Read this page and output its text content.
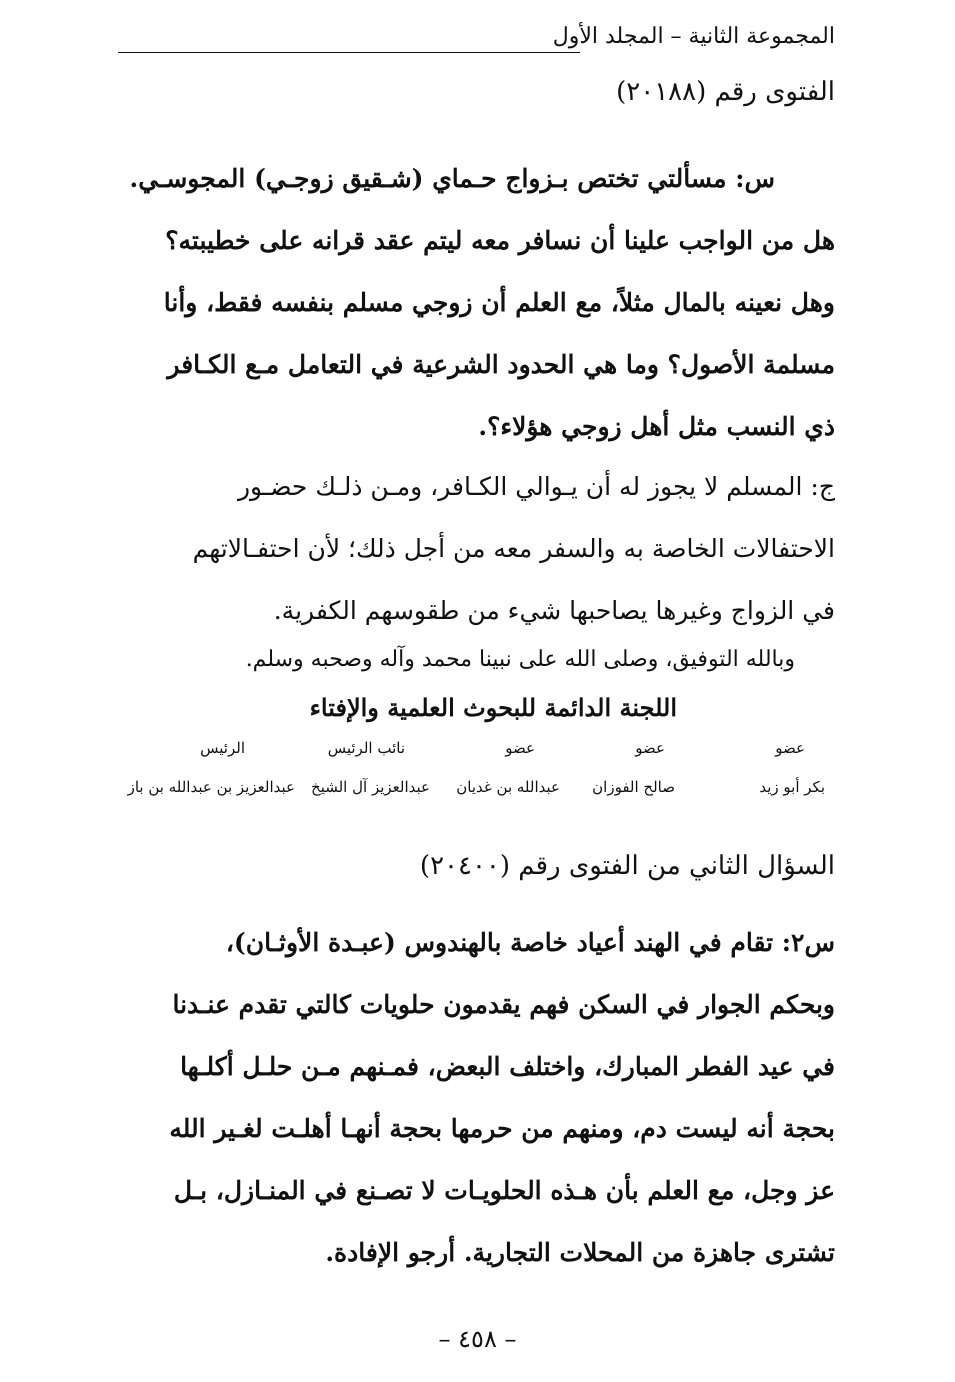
المجموعة الثانية – المجلد الأول
الفتوى رقم (٢٠١٨٨)
س: مسألتي تختص بـزواج حـماي (شـقيق زوجـي) المجوسـي.
هل من الواجب علينا أن نسافر معه ليتم عقد قرانه على خطيبته؟
وهل نعينه بالمال مثلاً، مع العلم أن زوجي مسلم بنفسه فقط، وأنا
مسلمة الأصول؟ وما هي الحدود الشرعية في التعامل مـع الكـافر
ذي النسب مثل أهل زوجي هؤلاء؟.
ج: المسلم لا يجوز له أن يـوالي الكـافر، ومـن ذلـك حضـور
الاحتفالات الخاصة به والسفر معه من أجل ذلك؛ لأن احتفـالاتهم
في الزواج وغيرها يصاحبها شيء من طقوسهم الكفرية.
وبالله التوفيق، وصلى الله على نبينا محمد وآله وصحبه وسلم.
اللجنة الدائمة للبحوث العلمية والإفتاء
عضو
عضو
عضو
نائب الرئيس
الرئيس
بكر أبو زيد
صالح الفوزان
عبدالله بن غديان
عبدالعزيز آل الشيخ
عبدالعزيز بن عبدالله بن باز
السؤال الثاني من الفتوى رقم (٢٠٤٠٠)
س٢: تقام في الهند أعياد خاصة بالهندوس (عبـدة الأوثـان)،
وبحكم الجوار في السكن فهم يقدمون حلويات كالتي تقدم عنـدنا
في عيد الفطر المبارك، واختلف البعض، فمـنهم مـن حلـل أكلـها
بحجة أنه ليست دم، ومنهم من حرمها بحجة أنهـا أهلـت لغـير الله
عز وجل، مع العلم بأن هـذه الحلويـات لا تصـنع في المنـازل، بـل
تشترى جاهزة من المحلات التجارية. أرجو الإفادة.
– ٤٥٨ –
